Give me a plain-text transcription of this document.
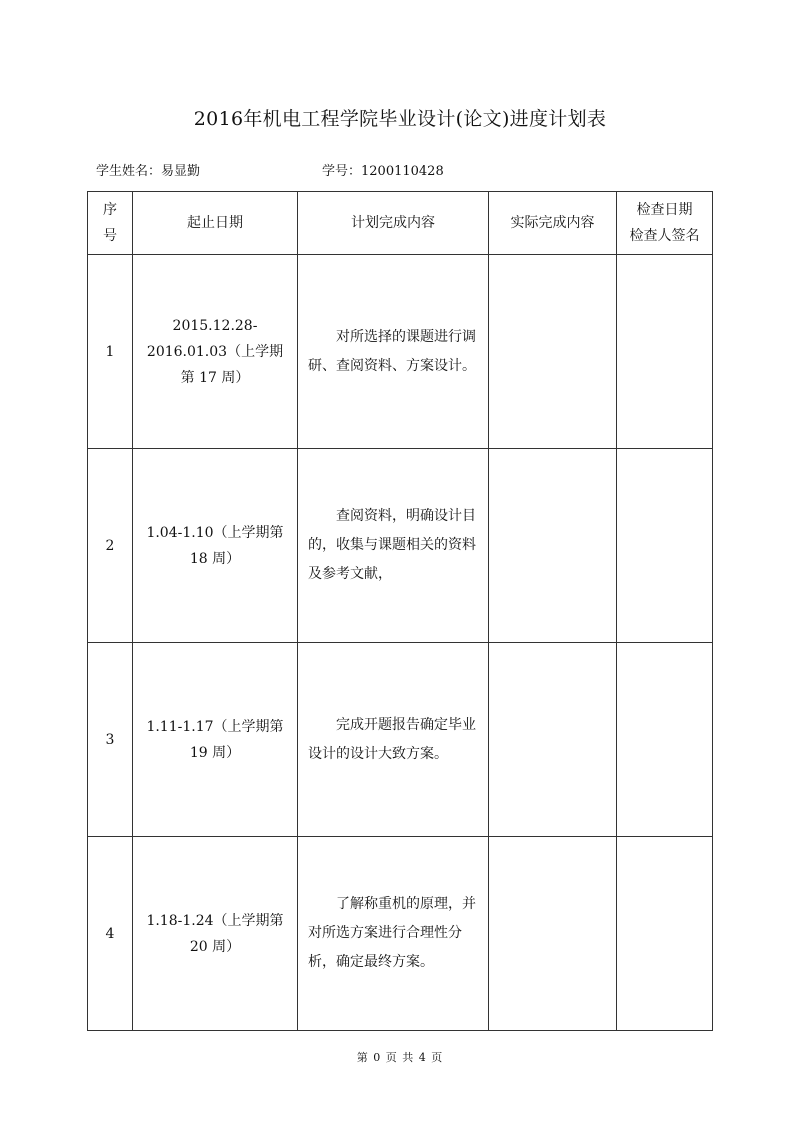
2016年机电工程学院毕业设计(论文)进度计划表
学生姓名：易显勤	学号：1200110428
序
号	起止日期	计划完成内容	实际完成内容	检查日期
检查人签名

1	2015.12.28-
2016.01.03（上学期
第 17 周）	对所选择的课题进行调研、查阅资料、方案设计。		

2	1.04-1.10（上学期第
18 周）	查阅资料，明确设计目的，收集与课题相关的资料及参考文献，		

3	1.11-1.17（上学期第
19 周）	完成开题报告确定毕业设计的设计大致方案。		

4	1.18-1.24（上学期第
20 周）	了解称重机的原理，并对所选方案进行合理性分析，确定最终方案。		

第 0 页 共 4 页
